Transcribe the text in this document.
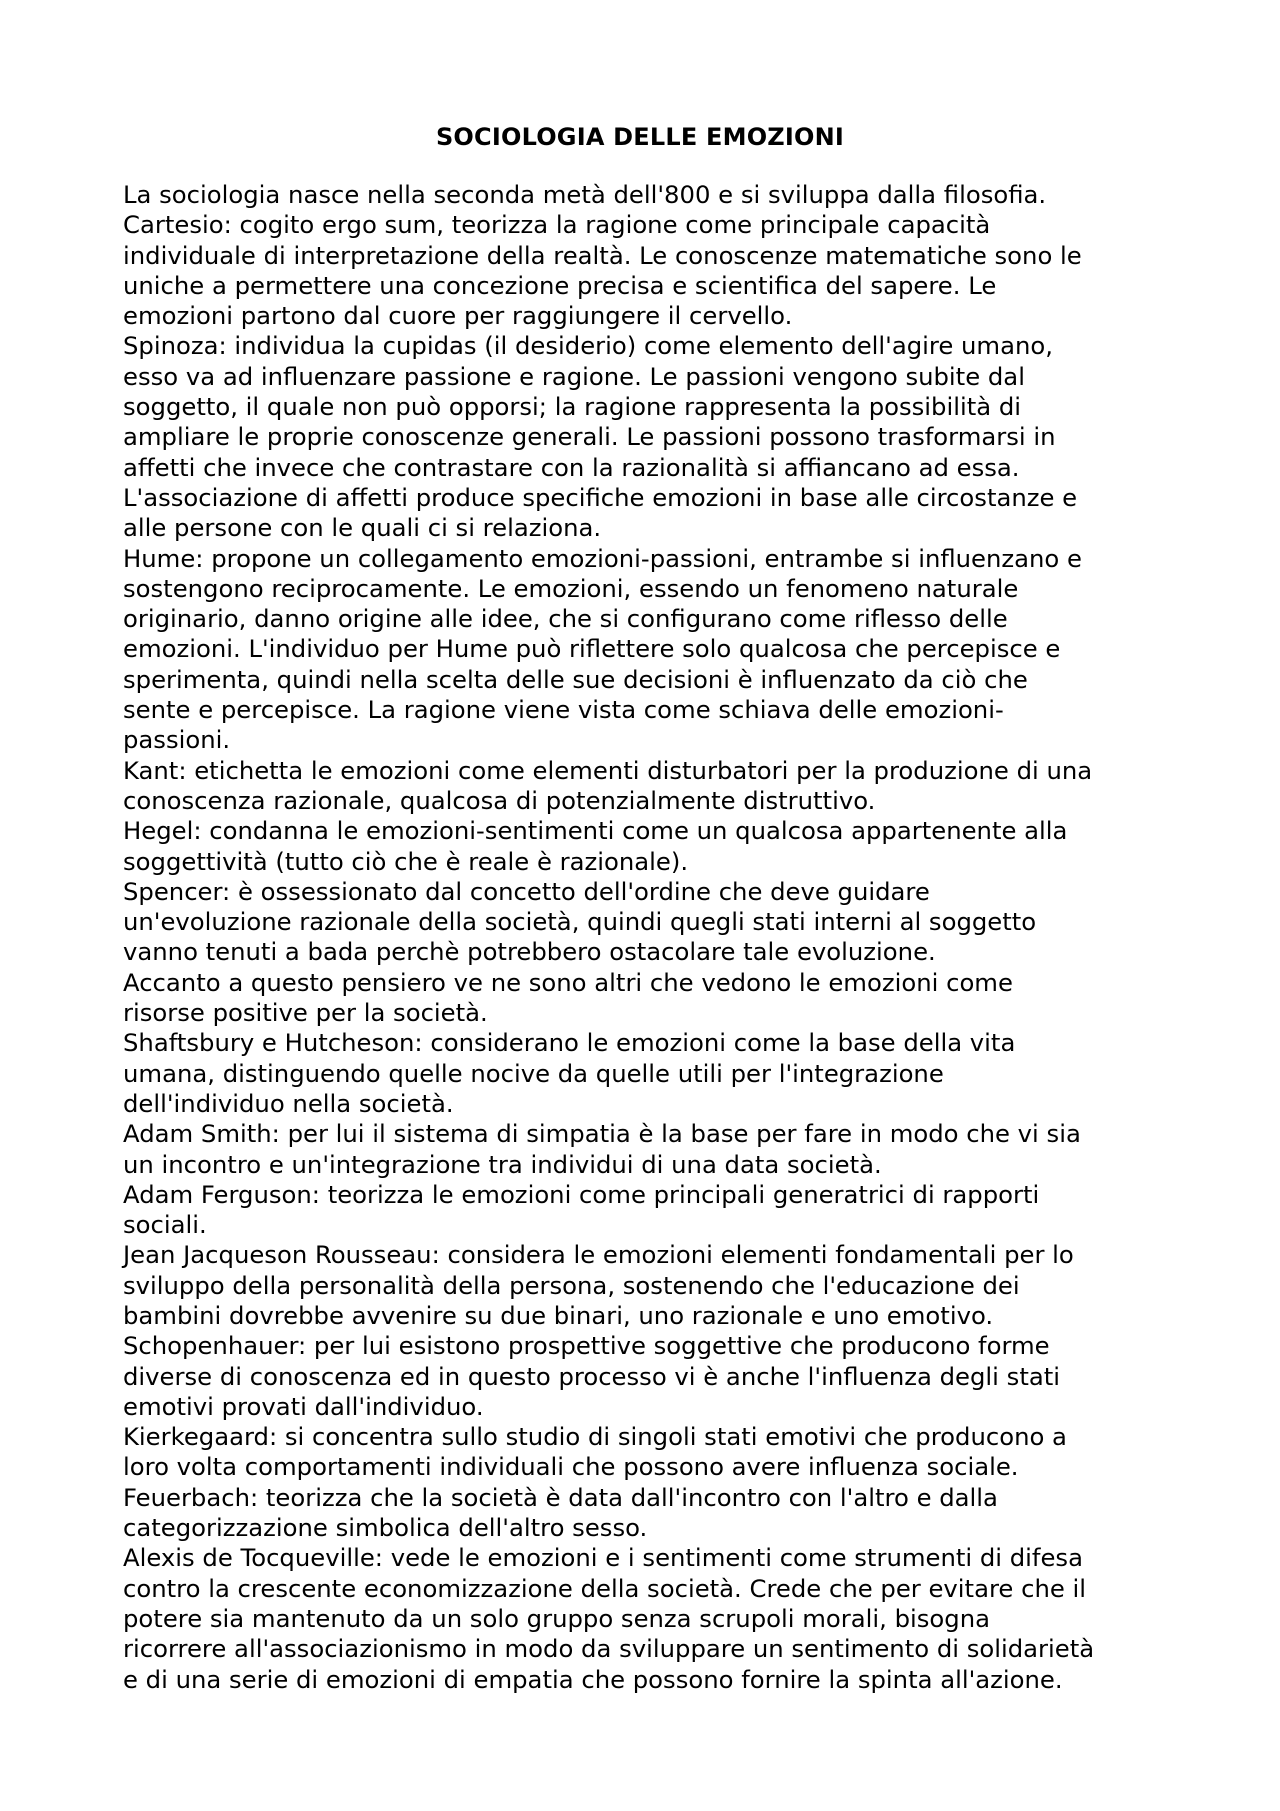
SOCIOLOGIA DELLE EMOZIONI
La sociologia nasce nella seconda metà dell'800 e si sviluppa dalla filosofia.
Cartesio: cogito ergo sum, teorizza la ragione come principale capacità
individuale di interpretazione della realtà. Le conoscenze matematiche sono le
uniche a permettere una concezione precisa e scientifica del sapere. Le
emozioni partono dal cuore per raggiungere il cervello.
Spinoza: individua la cupidas (il desiderio) come elemento dell'agire umano,
esso va ad influenzare passione e ragione. Le passioni vengono subite dal
soggetto, il quale non può opporsi; la ragione rappresenta la possibilità di
ampliare le proprie conoscenze generali. Le passioni possono trasformarsi in
affetti che invece che contrastare con la razionalità si affiancano ad essa.
L'associazione di affetti produce specifiche emozioni in base alle circostanze e
alle persone con le quali ci si relaziona.
Hume: propone un collegamento emozioni-passioni, entrambe si influenzano e
sostengono reciprocamente. Le emozioni, essendo un fenomeno naturale
originario, danno origine alle idee, che si configurano come riflesso delle
emozioni. L'individuo per Hume può riflettere solo qualcosa che percepisce e
sperimenta, quindi nella scelta delle sue decisioni è influenzato da ciò che
sente e percepisce. La ragione viene vista come schiava delle emozioni-
passioni.
Kant: etichetta le emozioni come elementi disturbatori per la produzione di una
conoscenza razionale, qualcosa di potenzialmente distruttivo.
Hegel: condanna le emozioni-sentimenti come un qualcosa appartenente alla
soggettività (tutto ciò che è reale è razionale).
Spencer: è ossessionato dal concetto dell'ordine che deve guidare
un'evoluzione razionale della società, quindi quegli stati interni al soggetto
vanno tenuti a bada perchè potrebbero ostacolare tale evoluzione.
Accanto a questo pensiero ve ne sono altri che vedono le emozioni come
risorse positive per la società.
Shaftsbury e Hutcheson: considerano le emozioni come la base della vita
umana, distinguendo quelle nocive da quelle utili per l'integrazione
dell'individuo nella società.
Adam Smith: per lui il sistema di simpatia è la base per fare in modo che vi sia
un incontro e un'integrazione tra individui di una data società.
Adam Ferguson: teorizza le emozioni come principali generatrici di rapporti
sociali.
Jean Jacqueson Rousseau: considera le emozioni elementi fondamentali per lo
sviluppo della personalità della persona, sostenendo che l'educazione dei
bambini dovrebbe avvenire su due binari, uno razionale e uno emotivo.
Schopenhauer: per lui esistono prospettive soggettive che producono forme
diverse di conoscenza ed in questo processo vi è anche l'influenza degli stati
emotivi provati dall'individuo.
Kierkegaard: si concentra sullo studio di singoli stati emotivi che producono a
loro volta comportamenti individuali che possono avere influenza sociale.
Feuerbach: teorizza che la società è data dall'incontro con l'altro e dalla
categorizzazione simbolica dell'altro sesso.
Alexis de Tocqueville: vede le emozioni e i sentimenti come strumenti di difesa
contro la crescente economizzazione della società. Crede che per evitare che il
potere sia mantenuto da un solo gruppo senza scrupoli morali, bisogna
ricorrere all'associazionismo in modo da sviluppare un sentimento di solidarietà
e di una serie di emozioni di empatia che possono fornire la spinta all'azione.
